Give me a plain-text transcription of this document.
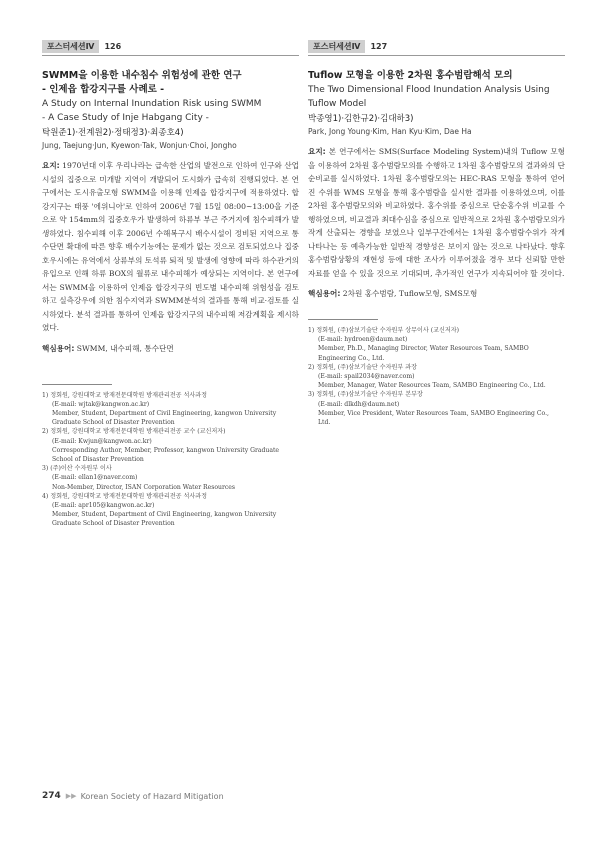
포스터세션Ⅳ	126

SWMM을 이용한 내수침수 위험성에 관한 연구

- 인제읍 합강지구를 사례로 -

A Study on Internal Inundation Risk using SWMM

- A Case Study of Inje Habgang City -

탁원준1)·전계원2)·정태정3)·최종호4)
Jung, Taejung·Jun, Kyewon·Tak, Wonjun·Choi, Jongho
요지: 1970년대 이후 우리나라는 급속한 산업의 발전으로 인하여 인구와 산업시설의 집중으로 미개발 지역이 개발되어 도시화가 급속히 진행되었다. 본 연구에서는 도시유출모형 SWMM을 이용해 인제읍 합강지구에 적용하였다. 합강지구는 태풍 '에위니아'로 인하여 2006년 7월 15일 08:00~13:00을 기준으로 약 154mm의 집중호우가 발생하여 하류부 부근 주거지에 침수피해가 발생하였다. 침수피해 이후 2006년 수해복구시 배수시설이 정비된 지역으로 통수단면 확대에 따른 향후 배수기능에는 문제가 없는 것으로 검토되었으나 집중호우시에는 유역에서 상류부의 토석류 퇴적 및 발생에 영향에 따라 하수관거의 유입으로 인해 하류 BOX의 월류로 내수피해가 예상되는 지역이다. 본 연구에서는 SWMM을 이용하여 인제읍 합강지구의 빈도별 내수피해 위험성을 검토하고 실측강우에 의한 침수지역과 SWMM분석의 결과를 통해 비교·검토를 실시하였다. 분석 결과를 통하여 인제읍 합강지구의 내수피해 저감계획을 제시하였다.
핵심용어: SWMM, 내수피해, 통수단면
1) 정회원, 강원대학교 방재전문대학원 방재관리전공 석사과정
(E-mail: wjtak@kangwon.ac.kr)
Member, Student, Department of Civil Engineering, kangwon University
Graduate School of Disaster Prevention
2) 정회원, 강원대학교 방재전문대학원 방재관리전공 교수 (교신저자)
(E-mail: Kwjun@kangwon.ac.kr)
Corresponding Author, Member, Professor, kangwon University Graduate
School of Disaster Prevention
3) (주)이산 수자원부 이사
(E-mail: ellan1@naver.com)
Non-Member, Director, ISAN Corporation Water Resources
4) 정회원, 강원대학교 방재전문대학원 방재관리전공 석사과정
(E-mail: apr105@kangwon.ac.kr)
Member, Student, Department of Civil Engineering, kangwon University
Graduate School of Disaster Prevention
포스터세션Ⅳ	127

Tuflow 모형을 이용한 2차원 홍수범람해석 모의

The Two Dimensional Flood Inundation Analysis Using

Tuflow Model

박종영1)·김한규2)·김대하3)
Park, Jong Young·Kim, Han Kyu·Kim, Dae Ha
요지: 본 연구에서는 SMS(Surface Modeling System)내의 Tuflow 모형을 이용하여 2차원 홍수범람모의를 수행하고 1차원 홍수범람모의 결과와의 단순비교를 실시하였다. 1차원 홍수범람모의는 HEC-RAS 모형을 통하여 얻어진 수위를 WMS 모형을 통해 홍수범람을 실시한 결과를 이용하였으며, 이를 2차원 홍수범람모의와 비교하였다. 홍수위를 중심으로 단순홍수위 비교를 수행하였으며, 비교결과 최대수심을 중심으로 일반적으로 2차원 홍수범람모의가 작게 산출되는 경향을 보였으나 일부구간에서는 1차원 홍수범람수위가 작게 나타나는 등 예측가능한 일반적 경향성은 보이지 않는 것으로 나타났다. 향후 홍수범람상황의 재현성 등에 대한 조사가 이루어졌을 경우 보다 신뢰할 만한 자료를 얻을 수 있을 것으로 기대되며, 추가적인 연구가 지속되어야 할 것이다.
핵심용어: 2차원 홍수범람, Tuflow모형, SMS모형
1) 정회원, (주)삼보기술단 수자원부 상무이사 (교신저자)
(E-mail: hydroen@daum.net)
Member, Ph.D., Managing Director, Water Resources Team, SAMBO
Engineering Co., Ltd.
2) 정회원, (주)삼보기술단 수자원부 과장
(E-mail: spail2034@naver.com)
Member, Manager, Water Resources Team, SAMBO Engineering Co., Ltd.
3) 정회원, (주)삼보기술단 수자원부 본부장
(E-mail: dlkdh@daum.net)
Member, Vice President, Water Resources Team, SAMBO Engineering Co.,
Ltd.
274 ▶▶ Korean Society of Hazard Mitigation
